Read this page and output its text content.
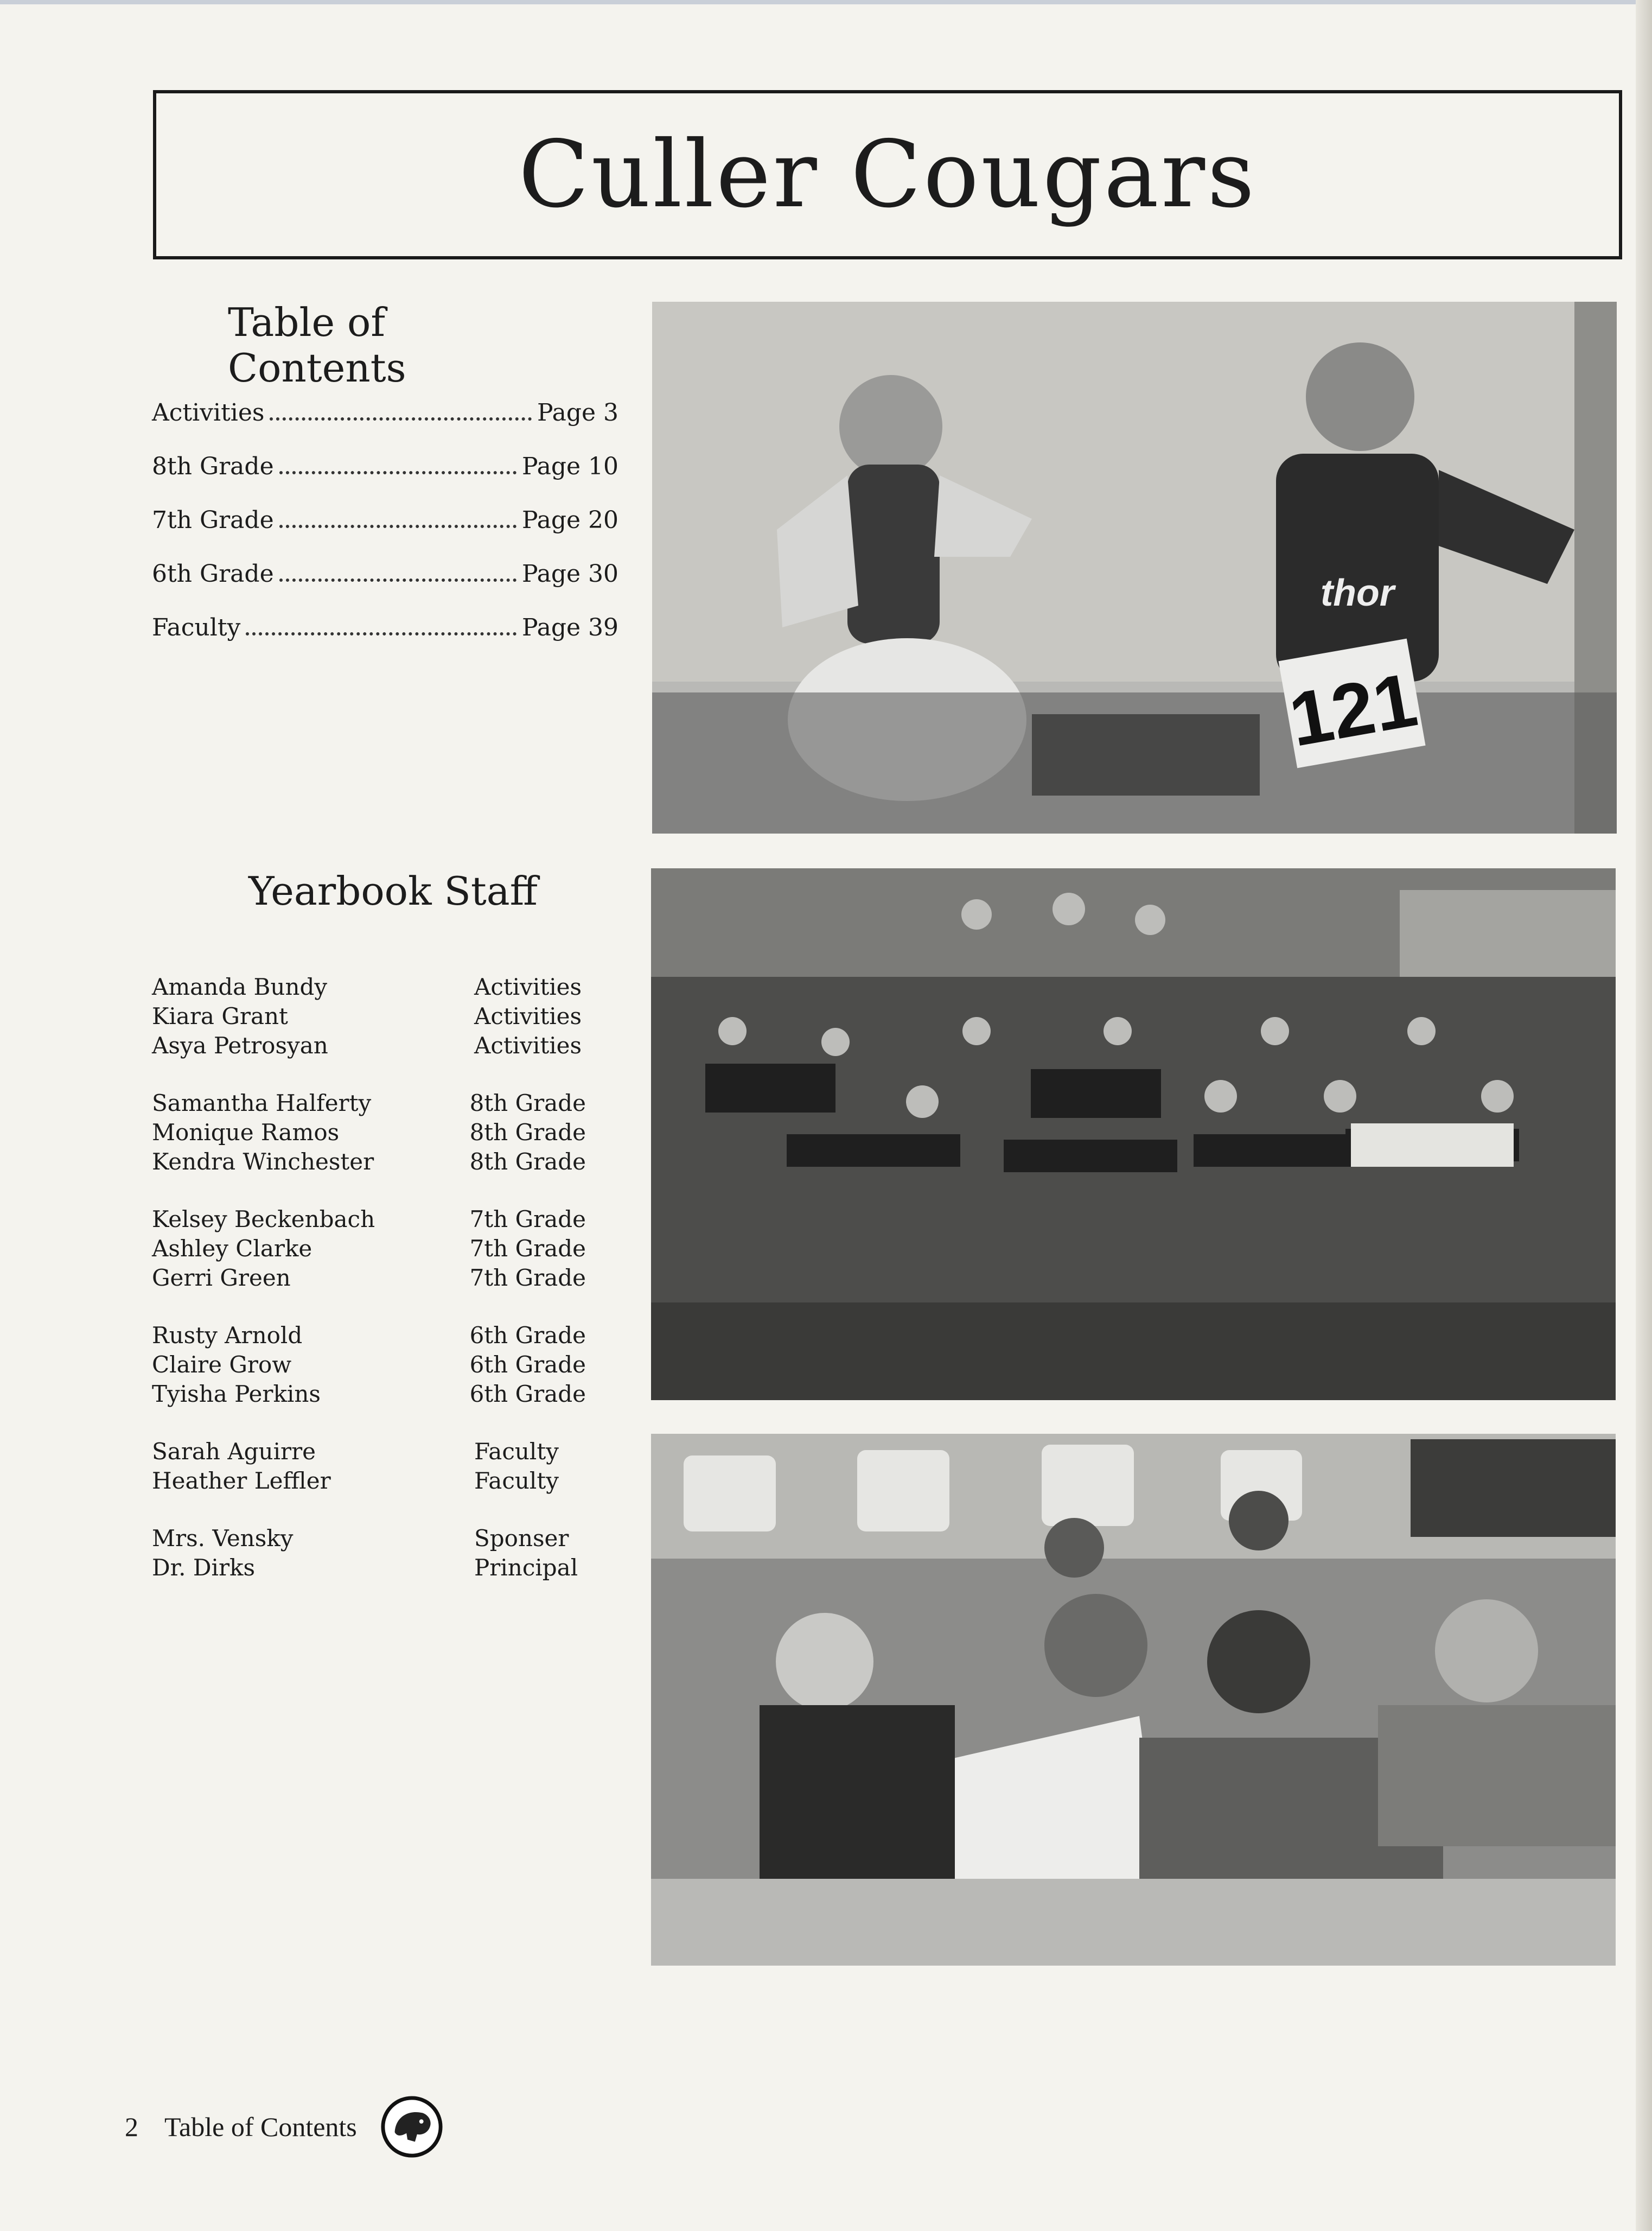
Culler Cougars
Table of Contents
Activities	Page 3
8th Grade	Page 10
7th Grade	Page 20
6th Grade	Page 30
Faculty	Page 39
Yearbook Staff
Amanda Bundy	Activities
Kiara Grant	Activities
Asya Petrosyan	Activities
Samantha Halferty	8th Grade
Monique Ramos	8th Grade
Kendra Winchester	8th Grade
Kelsey Beckenbach	7th Grade
Ashley Clarke	7th Grade
Gerri Green	7th Grade
Rusty Arnold	6th Grade
Claire Grow	6th Grade
Tyisha Perkins	6th Grade
Sarah Aguirre	Faculty
Heather Leffler	Faculty
Mrs. Vensky	Sponser
Dr. Dirks	Principal
121
thor
2 Table of Contents
